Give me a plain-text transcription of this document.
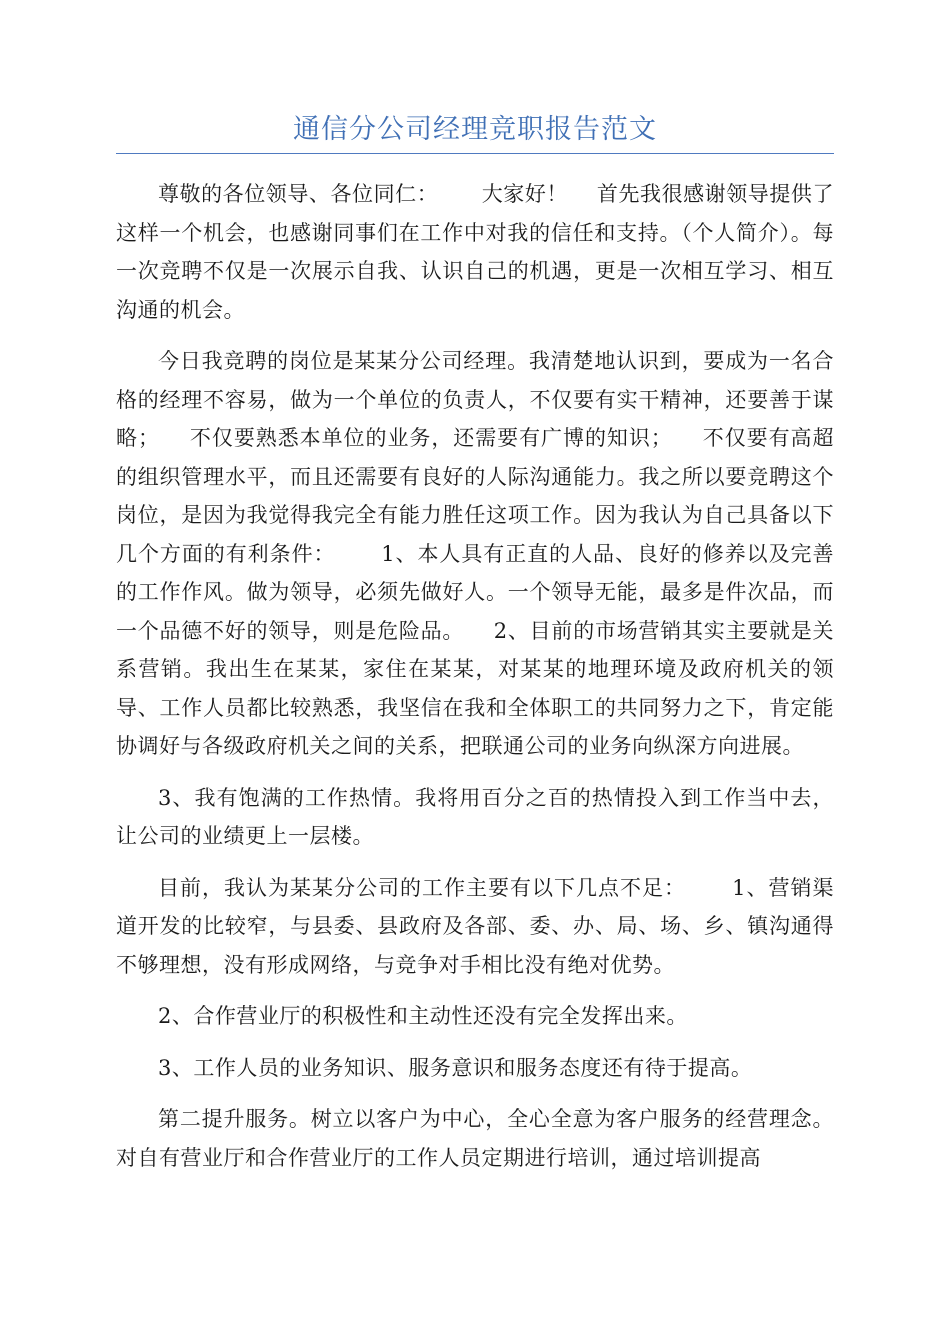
通信分公司经理竞职报告范文

尊敬的各位领导、各位同仁：      大家好！    首先我很感谢领导提供了这样一个机会，也感谢同事们在工作中对我的信任和支持。（个人简介）。每一次竞聘不仅是一次展示自我、认识自己的机遇，更是一次相互学习、相互沟通的机会。

今日我竞聘的岗位是某某分公司经理。我清楚地认识到，要成为一名合格的经理不容易，做为一个单位的负责人，不仅要有实干精神，还要善于谋略；    不仅要熟悉本单位的业务，还需要有广博的知识；    不仅要有高超的组织管理水平，而且还需要有良好的人际沟通能力。我之所以要竞聘这个岗位，是因为我觉得我完全有能力胜任这项工作。因为我认为自己具备以下几个方面的有利条件：      1、本人具有正直的人品、良好的修养以及完善的工作作风。做为领导，必须先做好人。一个领导无能，最多是件次品，而一个品德不好的领导，则是危险品。    2、目前的市场营销其实主要就是关系营销。我出生在某某，家住在某某，对某某的地理环境及政府机关的领导、工作人员都比较熟悉，我坚信在我和全体职工的共同努力之下，肯定能协调好与各级政府机关之间的关系，把联通公司的业务向纵深方向进展。

3、我有饱满的工作热情。我将用百分之百的热情投入到工作当中去，让公司的业绩更上一层楼。

目前，我认为某某分公司的工作主要有以下几点不足：      1、营销渠道开发的比较窄，与县委、县政府及各部、委、办、局、场、乡、镇沟通得不够理想，没有形成网络，与竞争对手相比没有绝对优势。

2、合作营业厅的积极性和主动性还没有完全发挥出来。

3、工作人员的业务知识、服务意识和服务态度还有待于提高。

第二提升服务。树立以客户为中心，全心全意为客户服务的经营理念。对自有营业厅和合作营业厅的工作人员定期进行培训，通过培训提高
